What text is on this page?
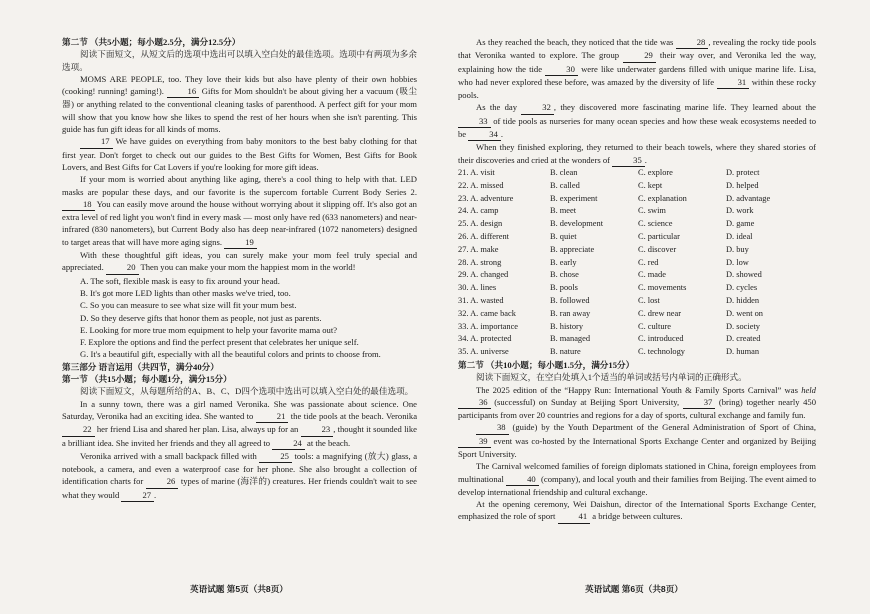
第二节 （共5小题；每小题2.5分，满分12.5分）

阅读下面短文，从短文后的选项中选出可以填入空白处的最佳选项。选项中有两项为多余选项。

MOMS ARE PEOPLE, too. They love their kids but also have plenty of their own hobbies (cooking! running! gaming!).	16 Gifts for Mom shouldn't be about giving her a vacuum (吸尘器) or anything related to the conventional cleaning tasks of parenthood. A perfect gift for your mom will show that you know how she likes to spend the rest of her hours when she isn't parenting. This guide has fun gift ideas for all kinds of moms.

17 We have guides on everything from baby monitors to the best baby clothing for that first year. Don't forget to check out our guides to the Best Gifts for Women, Best Gifts for Book Lovers, and Best Gifts for Cat Lovers if you're looking for more gift ideas.

If your mom is worried about anything like aging, there's a cool thing to help with that. LED masks are popular these days, and our favorite is the supercom fortable Current Body Series 2. 18 You can easily move around the house without worrying about it slipping off. It's also got an extra level of red light you won't find in every mask — most only have red (633 nanometers) and near-infrared (830 nanometers), but Current Body also has deep near-infrared (1072 nanometers) designed to target areas that will have more aging signs.	19

With these thoughtful gift ideas, you can surely make your mom feel truly special and appreciated.	20 Then you can make your mom the happiest mom in the world!

A. The soft, flexible mask is easy to fix around your head.

B. It's got more LED lights than other masks we've tried, too.

C. So you can measure to see what size will fit your mum best.

D. So they deserve gifts that honor them as people, not just as parents.

E. Looking for more true mom equipment to help your favorite mama out?

F. Explore the options and find the perfect present that celebrates her unique self.

G. It's a beautiful gift, especially with all the beautiful colors and prints to choose from.

第三部分 语言运用（共四节，满分40分）

第一节 （共15小题；每小题1分，满分15分）

阅读下面短文，从每题所给的A、B、C、D四个选项中选出可以填入空白处的最佳选项。

In a sunny town, there was a girl named Veronika. She was passionate about science. One Saturday, Veronika had an exciting idea. She wanted to	21 the tide pools at the beach. Veronika 22 her friend Lisa and shared her plan. Lisa, always up for an	23 , thought it sounded like a brilliant idea. She invited her friends and they all agreed to	24 at the beach.

Veronika arrived with a small backpack filled with	25 tools: a magnifying (放大) glass, a notebook, a camera, and even a waterproof case for her phone. She also brought a collection of identification charts for	26 types of marine (海洋的) creatures. Her friends couldn't wait to see what they would	27 .

英语试题 第5页（共8页）

As they reached the beach, they noticed that the tide was	28 , revealing the rocky tide pools that Veronika wanted to explore. The group	29 their way over, and Veronika led the way, explaining how the tide	30 were like underwater gardens filled with unique marine life. Lisa, who had never explored these before, was amazed by the diversity of life	31 within these rocky pools.

As the day	32 , they discovered more fascinating marine life. They learned about the 33 of tide pools as nurseries for many ocean species and how these weak ecosystems needed to be	34 .

When they finished exploring, they returned to their beach towels, where they shared stories of their discoveries and cried at the wonders of	35 .

21. A. visit	B. clean	C. explore	D. protect
22. A. missed	B. called	C. kept	D. helped
23. A. adventure	B. experiment	C. explanation	D. advantage
24. A. camp	B. meet	C. swim	D. work
25. A. design	B. development	C. science	D. game
26. A. different	B. quiet	C. particular	D. ideal
27. A. make	B. appreciate	C. discover	D. buy
28. A. strong	B. early	C. red	D. low
29. A. changed	B. chose	C. made	D. showed
30. A. lines	B. pools	C. movements	D. cycles
31. A. wasted	B. followed	C. lost	D. hidden
32. A. came back	B. ran away	C. drew near	D. went on
33. A. importance	B. history	C. culture	D. society
34. A. protected	B. managed	C. introduced	D. created
35. A. universe	B. nature	C. technology	D. human

第二节 （共10小题；每小题1.5分，满分15分）

阅读下面短文，在空白处填入1个适当的单词或括号内单词的正确形式。

The 2025 edition of the “Happy Run: International Youth & Family Sports Carnival” was held 36 (successful) on Sunday at Beijing Sport University,	37 (bring) together nearly 450 participants from over 20 countries and regions for a day of sports, cultural exchange and family fun.

38 (guide) by the Youth Department of the General Administration of Sport of China, 39 event was co-hosted by the International Sports Exchange Center and organized by Beijing Sport University.

The Carnival welcomed families of foreign diplomats stationed in China, foreign employees from multinational	40 (company), and local youth and their families from Beijing. The event aimed to develop international friendship and cultural exchange.

At the opening ceremony, Wei Daishun, director of the International Sports Exchange Center, emphasized the role of sport	41 a bridge between cultures.

英语试题 第6页（共8页）
